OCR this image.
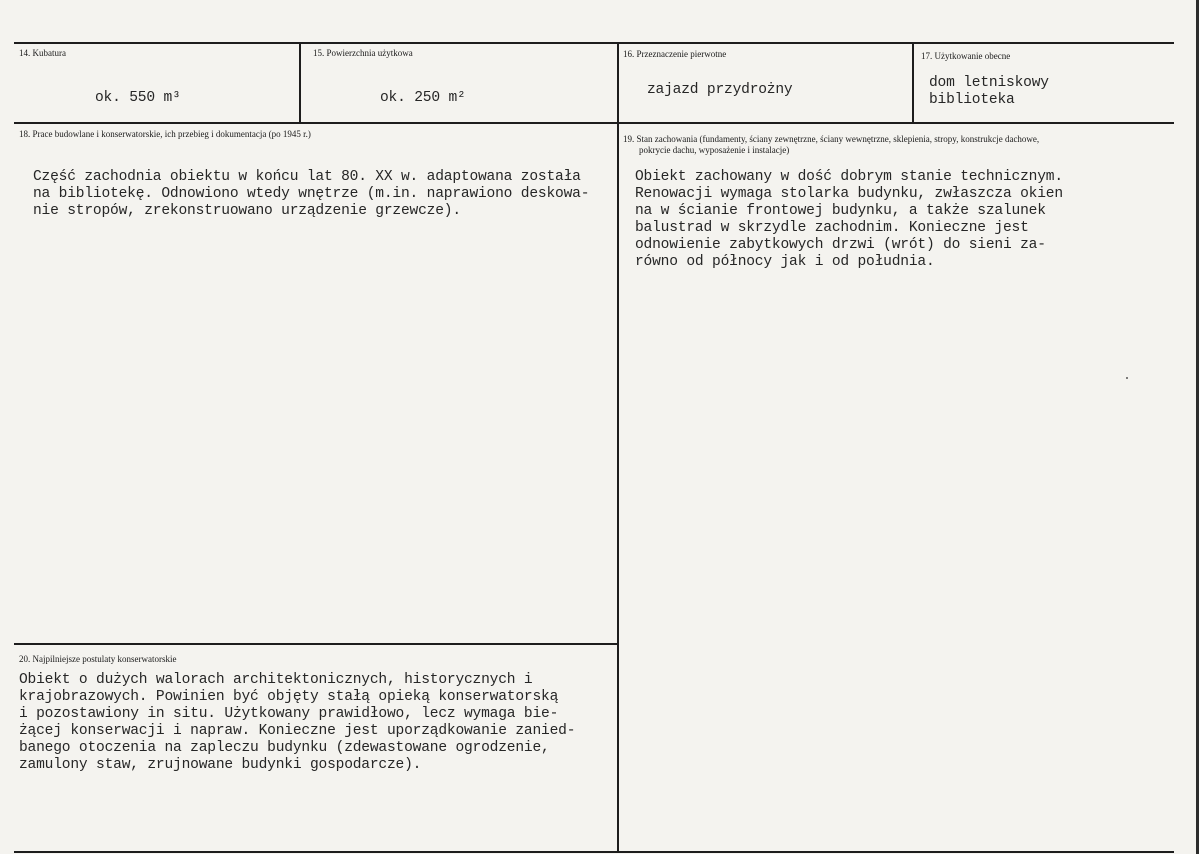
14. Kubatura
ok. 550 m³
15. Powierzchnia użytkowa
ok. 250 m²
16. Przeznaczenie pierwotne
zajazd przydrożny
17. Użytkowanie obecne
dom letniskowy
biblioteka
18. Prace budowlane i konserwatorskie, ich przebieg i dokumentacja (po 1945 r.)
Część zachodnia obiektu w końcu lat 80. XX w. adaptowana została
na bibliotekę. Odnowiono wtedy wnętrze (m.in. naprawiono deskowa-
nie stropów, zrekonstruowano urządzenie grzewcze).
19. Stan zachowania (fundamenty, ściany zewnętrzne, ściany wewnętrzne, sklepienia, stropy, konstrukcje dachowe,
pokrycie dachu, wyposażenie i instalacje)
Obiekt zachowany w dość dobrym stanie technicznym.
Renowacji wymaga stolarka budynku, zwłaszcza okien
na w ścianie frontowej budynku, a także szalunek
balustrad w skrzydle zachodnim. Konieczne jest
odnowienie zabytkowych drzwi (wrót) do sieni za-
równo od północy jak i od południa.
20. Najpilniejsze postulaty konserwatorskie
Obiekt o dużych walorach architektonicznych, historycznych i
krajobrazowych. Powinien być objęty stałą opieką konserwatorską
i pozostawiony in situ. Użytkowany prawidłowo, lecz wymaga bie-
żącej konserwacji i napraw. Konieczne jest uporządkowanie zanied-
banego otoczenia na zapleczu budynku (zdewastowane ogrodzenie,
zamulony staw, zrujnowane budynki gospodarcze).
